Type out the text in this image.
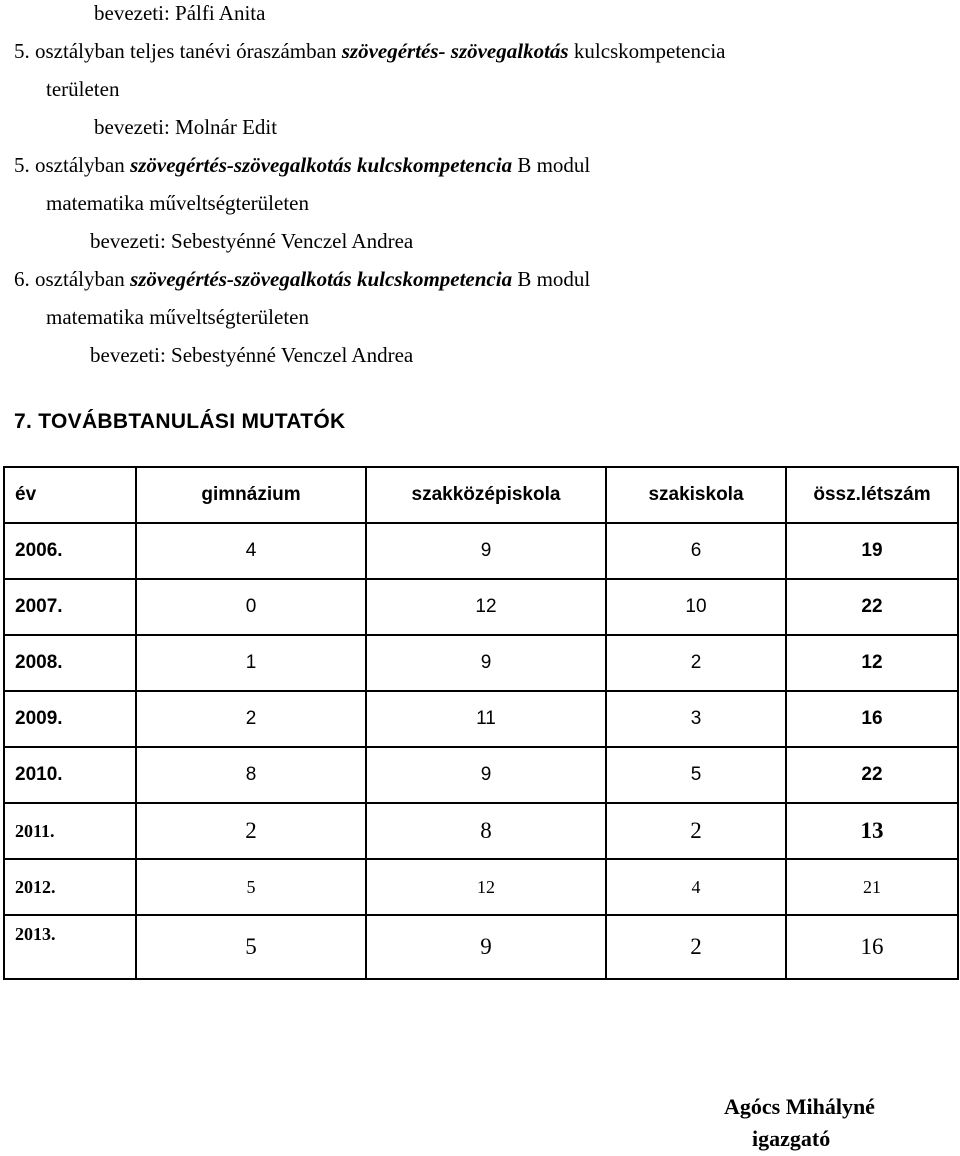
bevezeti: Pálfi Anita
5. osztályban teljes tanévi óraszámban szövegértés- szövegalkotás kulcskompetencia
területen
bevezeti: Molnár Edit
5. osztályban szövegértés-szövegalkotás kulcskompetencia B modul
matematika műveltségterületen
bevezeti: Sebestyénné Venczel Andrea
6. osztályban szövegértés-szövegalkotás kulcskompetencia B modul
matematika műveltségterületen
bevezeti: Sebestyénné Venczel Andrea
7. TOVÁBBTANULÁSI MUTATÓK
év	gimnázium	szakközépiskola	szakiskola	össz.létszám
2006.	4	9	6	19
2007.	0	12	10	22
2008.	1	9	2	12
2009.	2	11	3	16
2010.	8	9	5	22
2011.	2	8	2	13
2012.	5	12	4	21
2013.	5	9	2	16
Agócs Mihályné
igazgató
